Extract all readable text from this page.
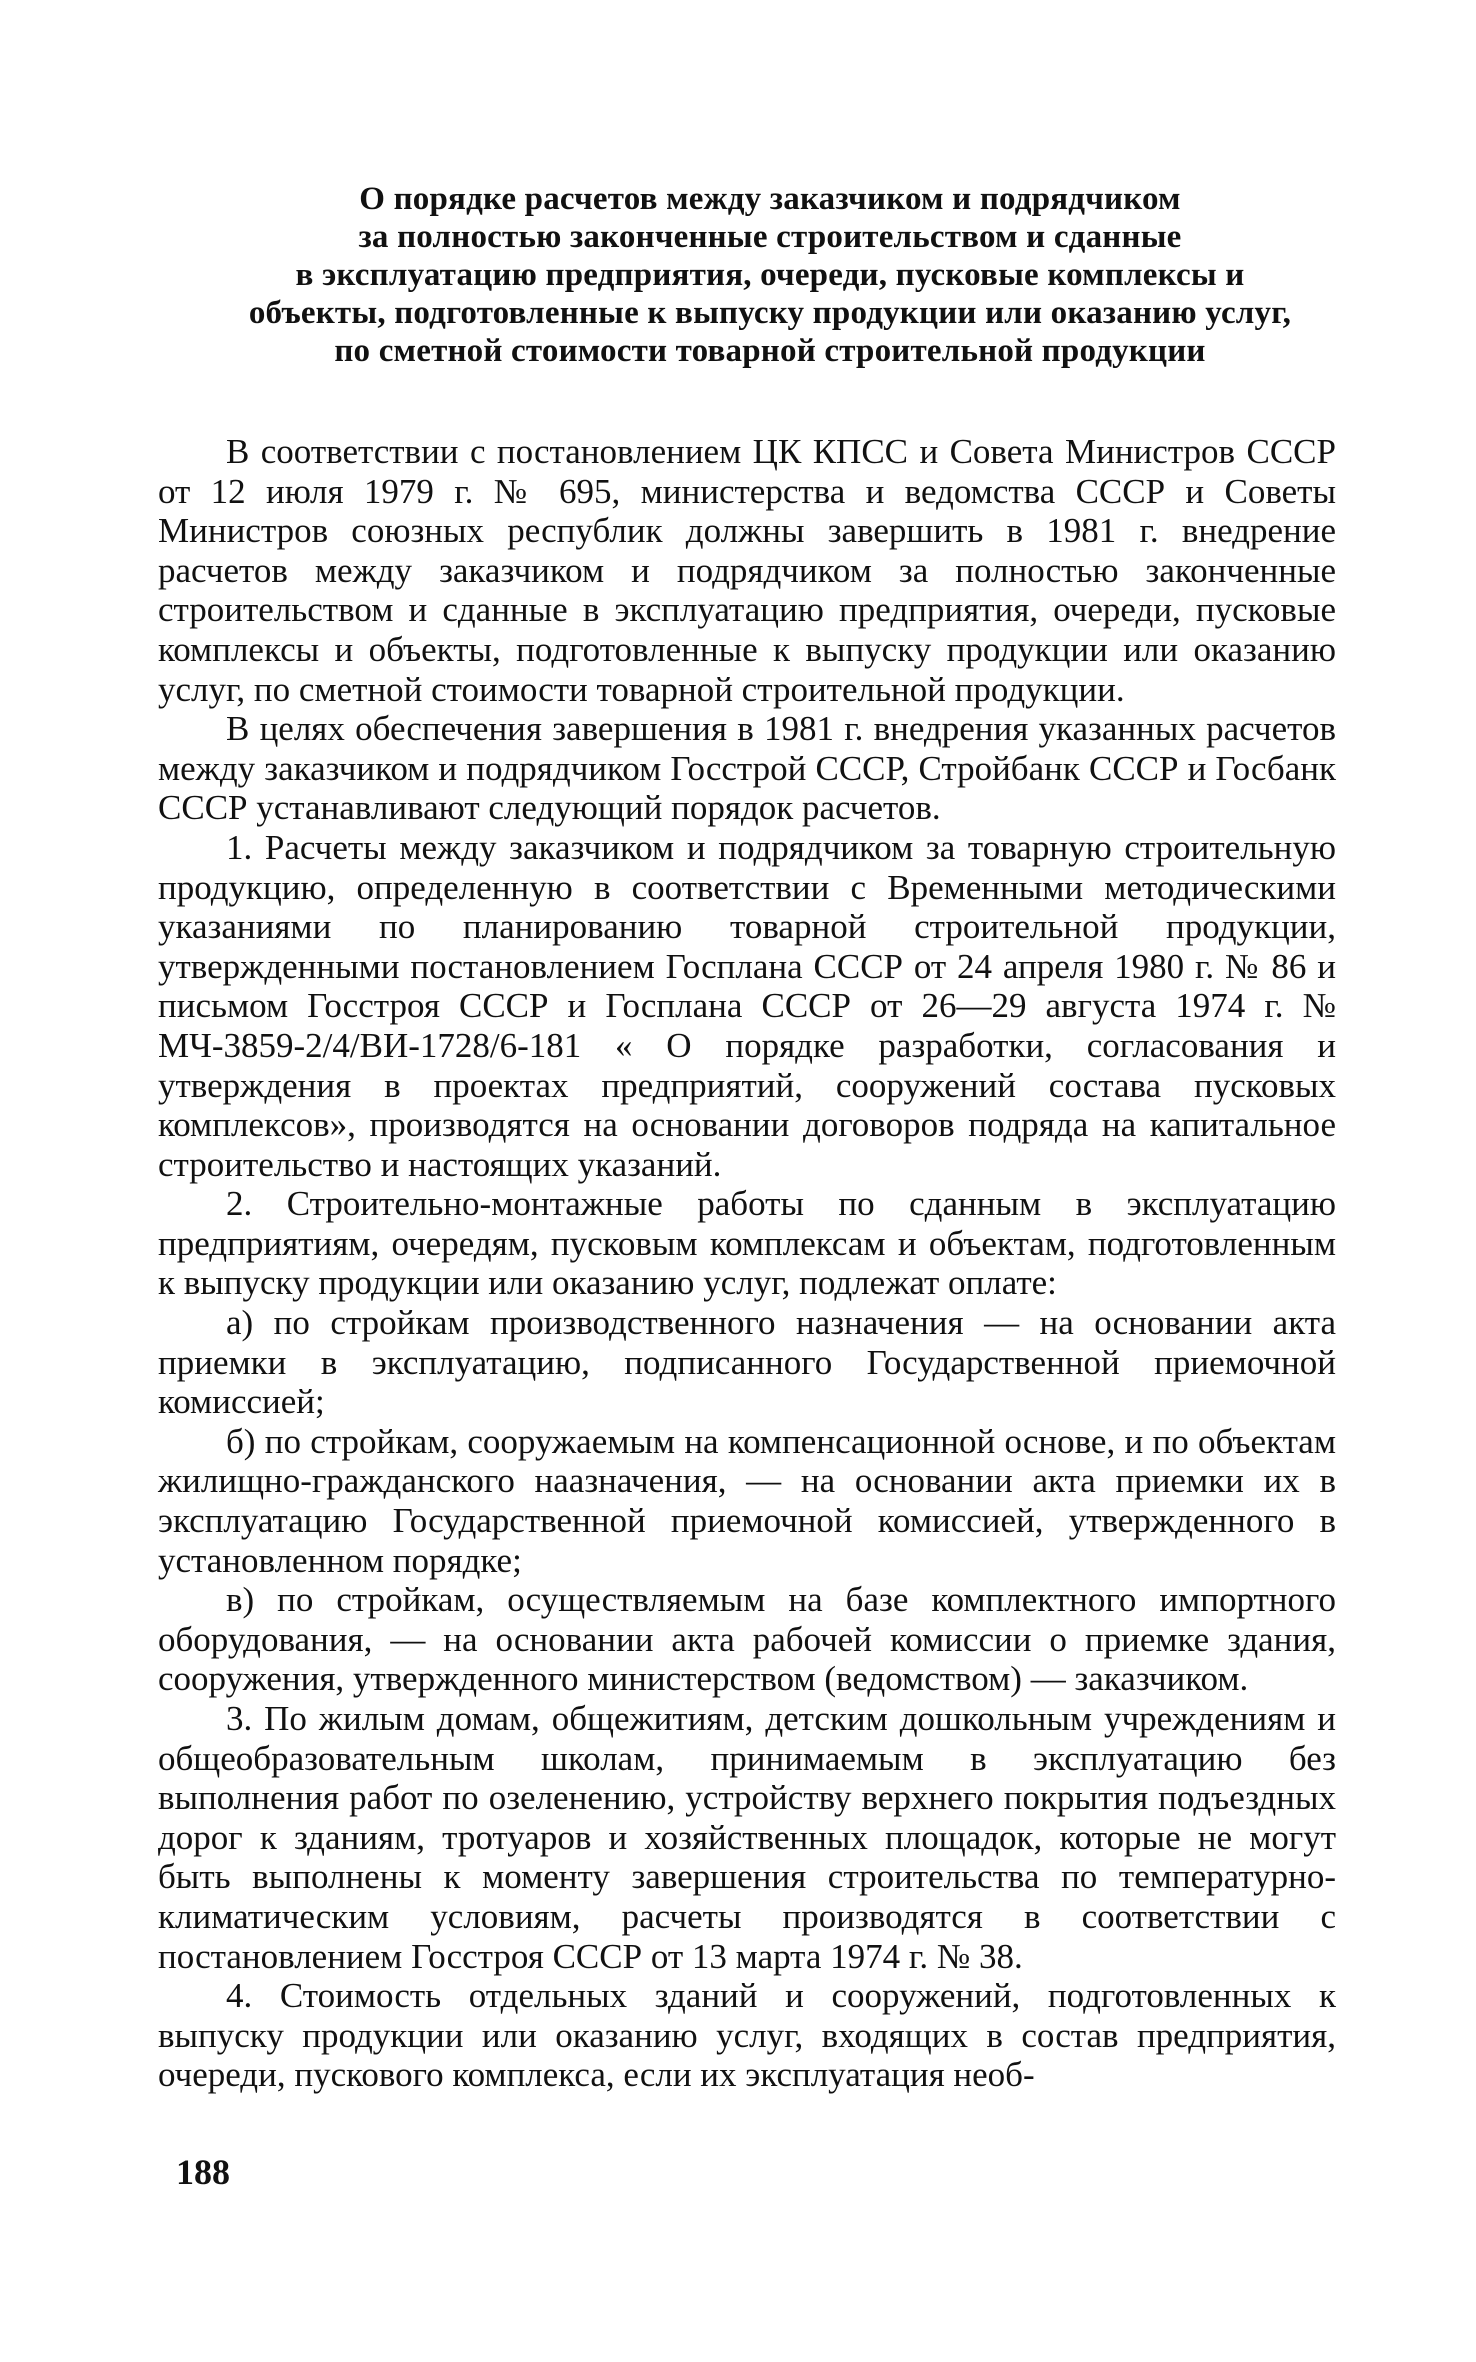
О порядке расчетов между заказчиком и подрядчиком
за полностью законченные строительством и сданные
в эксплуатацию предприятия, очереди, пусковые комплексы и
объекты, подготовленные к выпуску продукции или оказанию услуг,
по сметной стоимости товарной строительной продукции

В соответствии с постановлением ЦК КПСС и Совета Министров СССР от 12 июля 1979 г. № 695, министерства и ведомства СССР и Советы Министров союзных республик должны завершить в 1981 г. внедрение расчетов между заказчиком и подрядчиком за полностью законченные строительством и сданные в эксплуатацию предприятия, очереди, пусковые комплексы и объекты, подготовленные к выпуску продукции или оказанию услуг, по сметной стоимости товарной строительной продукции.

В целях обеспечения завершения в 1981 г. внедрения указанных расчетов между заказчиком и подрядчиком Госстрой СССР, Стройбанк СССР и Госбанк СССР устанавливают следующий порядок расчетов.

1. Расчеты между заказчиком и подрядчиком за товарную строительную продукцию, определенную в соответствии с Временными методическими указаниями по планированию товарной строительной продукции, утвержденными постановлением Госплана СССР от 24 апреля 1980 г. № 86 и письмом Госстроя СССР и Госплана СССР от 26—29 августа 1974 г. № МЧ-3859-2/4/ВИ-1728/6-181 « О порядке разработки, согласования и утверждения в проектах предприятий, сооружений состава пусковых комплексов», производятся на основании договоров подряда на капитальное строительство и настоящих указаний.

2. Строительно-монтажные работы по сданным в эксплуатацию предприятиям, очередям, пусковым комплексам и объектам, подготовленным к выпуску продукции или оказанию услуг, подлежат оплате:

а) по стройкам производственного назначения — на основании акта приемки в эксплуатацию, подписанного Государственной приемочной комиссией;

б) по стройкам, сооружаемым на компенсационной основе, и по объектам жилищно-гражданского наазначения, — на основании акта приемки их в эксплуатацию Государственной приемочной комиссией, утвержденного в установленном порядке;

в) по стройкам, осуществляемым на базе комплектного импортного оборудования, — на основании акта рабочей комиссии о приемке здания, сооружения, утвержденного министерством (ведомством) — заказчиком.

3. По жилым домам, общежитиям, детским дошкольным учреждениям и общеобразовательным школам, принимаемым в эксплуатацию без выполнения работ по озеленению, устройству верхнего покрытия подъездных дорог к зданиям, тротуаров и хозяйственных площадок, которые не могут быть выполнены к моменту завершения строительства по температурно-климатическим условиям, расчеты производятся в соответствии с постановлением Госстроя СССР от 13 марта 1974 г. № 38.

4. Стоимость отдельных зданий и сооружений, подготовленных к выпуску продукции или оказанию услуг, входящих в состав предприятия, очереди, пускового комплекса, если их эксплуатация необ-

188
